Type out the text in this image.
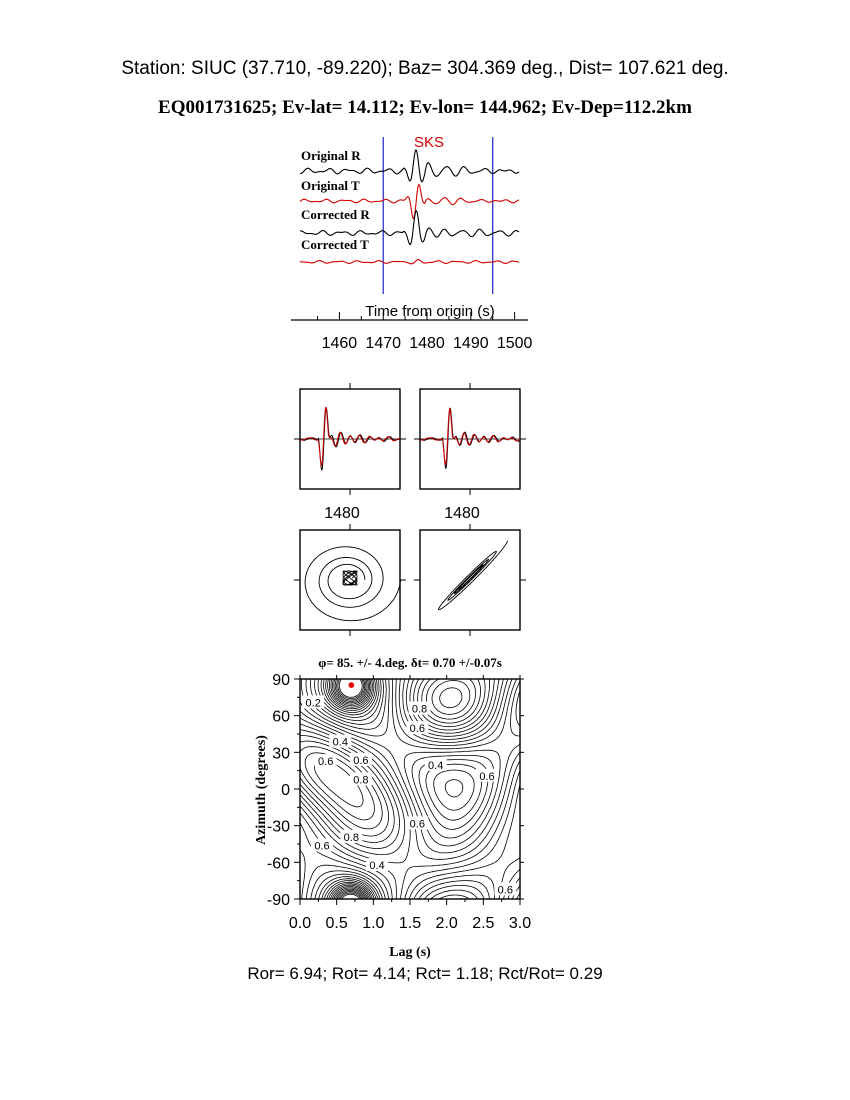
Station: SIUC (37.710, -89.220); Baz= 304.369 deg., Dist= 107.621 deg.
EQ001731625; Ev-lat= 14.112; Ev-lon= 144.962; Ev-Dep=112.2km
SKS
Original R
Original T
Corrected R
Corrected T
Time from origin (s)
1460 1470 1480 1490 1500
1480	1480
φ= 85. +/- 4.deg. δt= 0.70 +/-0.07s
0.2
0.8
0.6
0.4
0.6 0.6
0.8
0.4
0.6
0.6
0.8
0.6
0.4
0.6
0.0 0.5 1.0 1.5 2.0 2.5 3.0
90
60
30
0
-30
-60
-90
Lag (s)
Azimuth (degrees)
Ror= 6.94; Rot= 4.14; Rct= 1.18; Rct/Rot= 0.29
